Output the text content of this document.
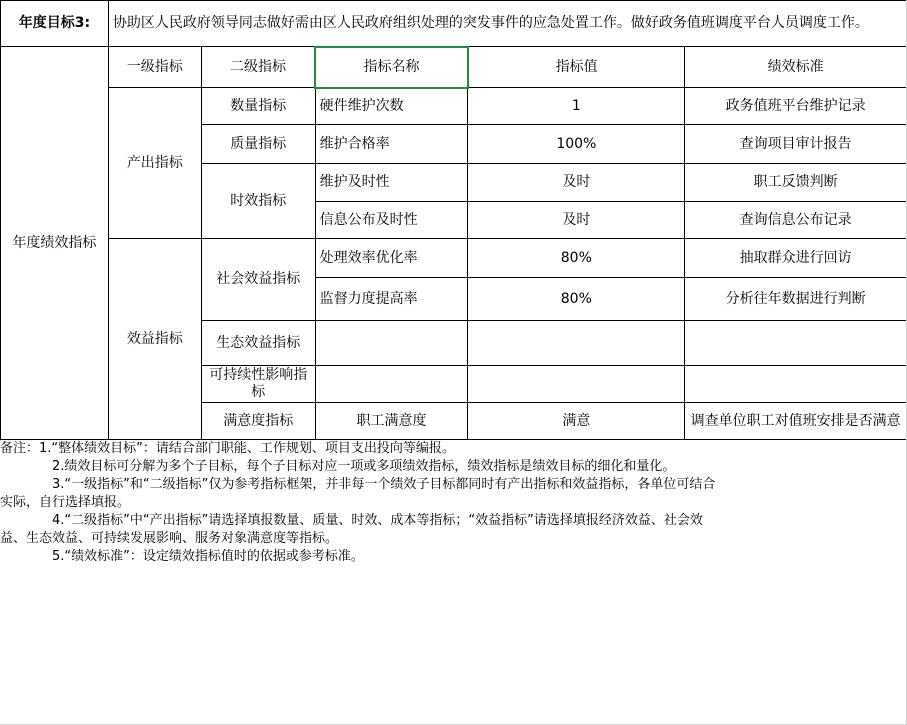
年度目标3:	协助区人民政府领导同志做好需由区人民政府组织处理的突发事件的应急处置工作。做好政务值班调度平台人员调度工作。				
年度绩效指标	一级指标	二级指标	指标名称	指标值	绩效标准
	产出指标	数量指标	硬件维护次数	1	政务值班平台维护记录
		质量指标	维护合格率	100%	查询项目审计报告
		时效指标	维护及时性	及时	职工反馈判断
			信息公布及时性	及时	查询信息公布记录
	效益指标	社会效益指标	处理效率优化率	80%	抽取群众进行回访
			监督力度提高率	80%	分析往年数据进行判断
		生态效益指标			
		可持续性影响指标			
		满意度指标	职工满意度	满意	调查单位职工对值班安排是否满意
备注：1.“整体绩效目标”：请结合部门职能、工作规划、项目支出投向等编报。
2.绩效目标可分解为多个子目标，每个子目标对应一项或多项绩效指标，绩效指标是绩效目标的细化和量化。
3.“一级指标”和“二级指标”仅为参考指标框架，并非每一个绩效子目标都同时有产出指标和效益指标，各单位可结合
实际，自行选择填报。
4.“二级指标”中“产出指标”请选择填报数量、质量、时效、成本等指标；“效益指标”请选择填报经济效益、社会效
益、生态效益、可持续发展影响、服务对象满意度等指标。
5.“绩效标准”：设定绩效指标值时的依据或参考标准。
